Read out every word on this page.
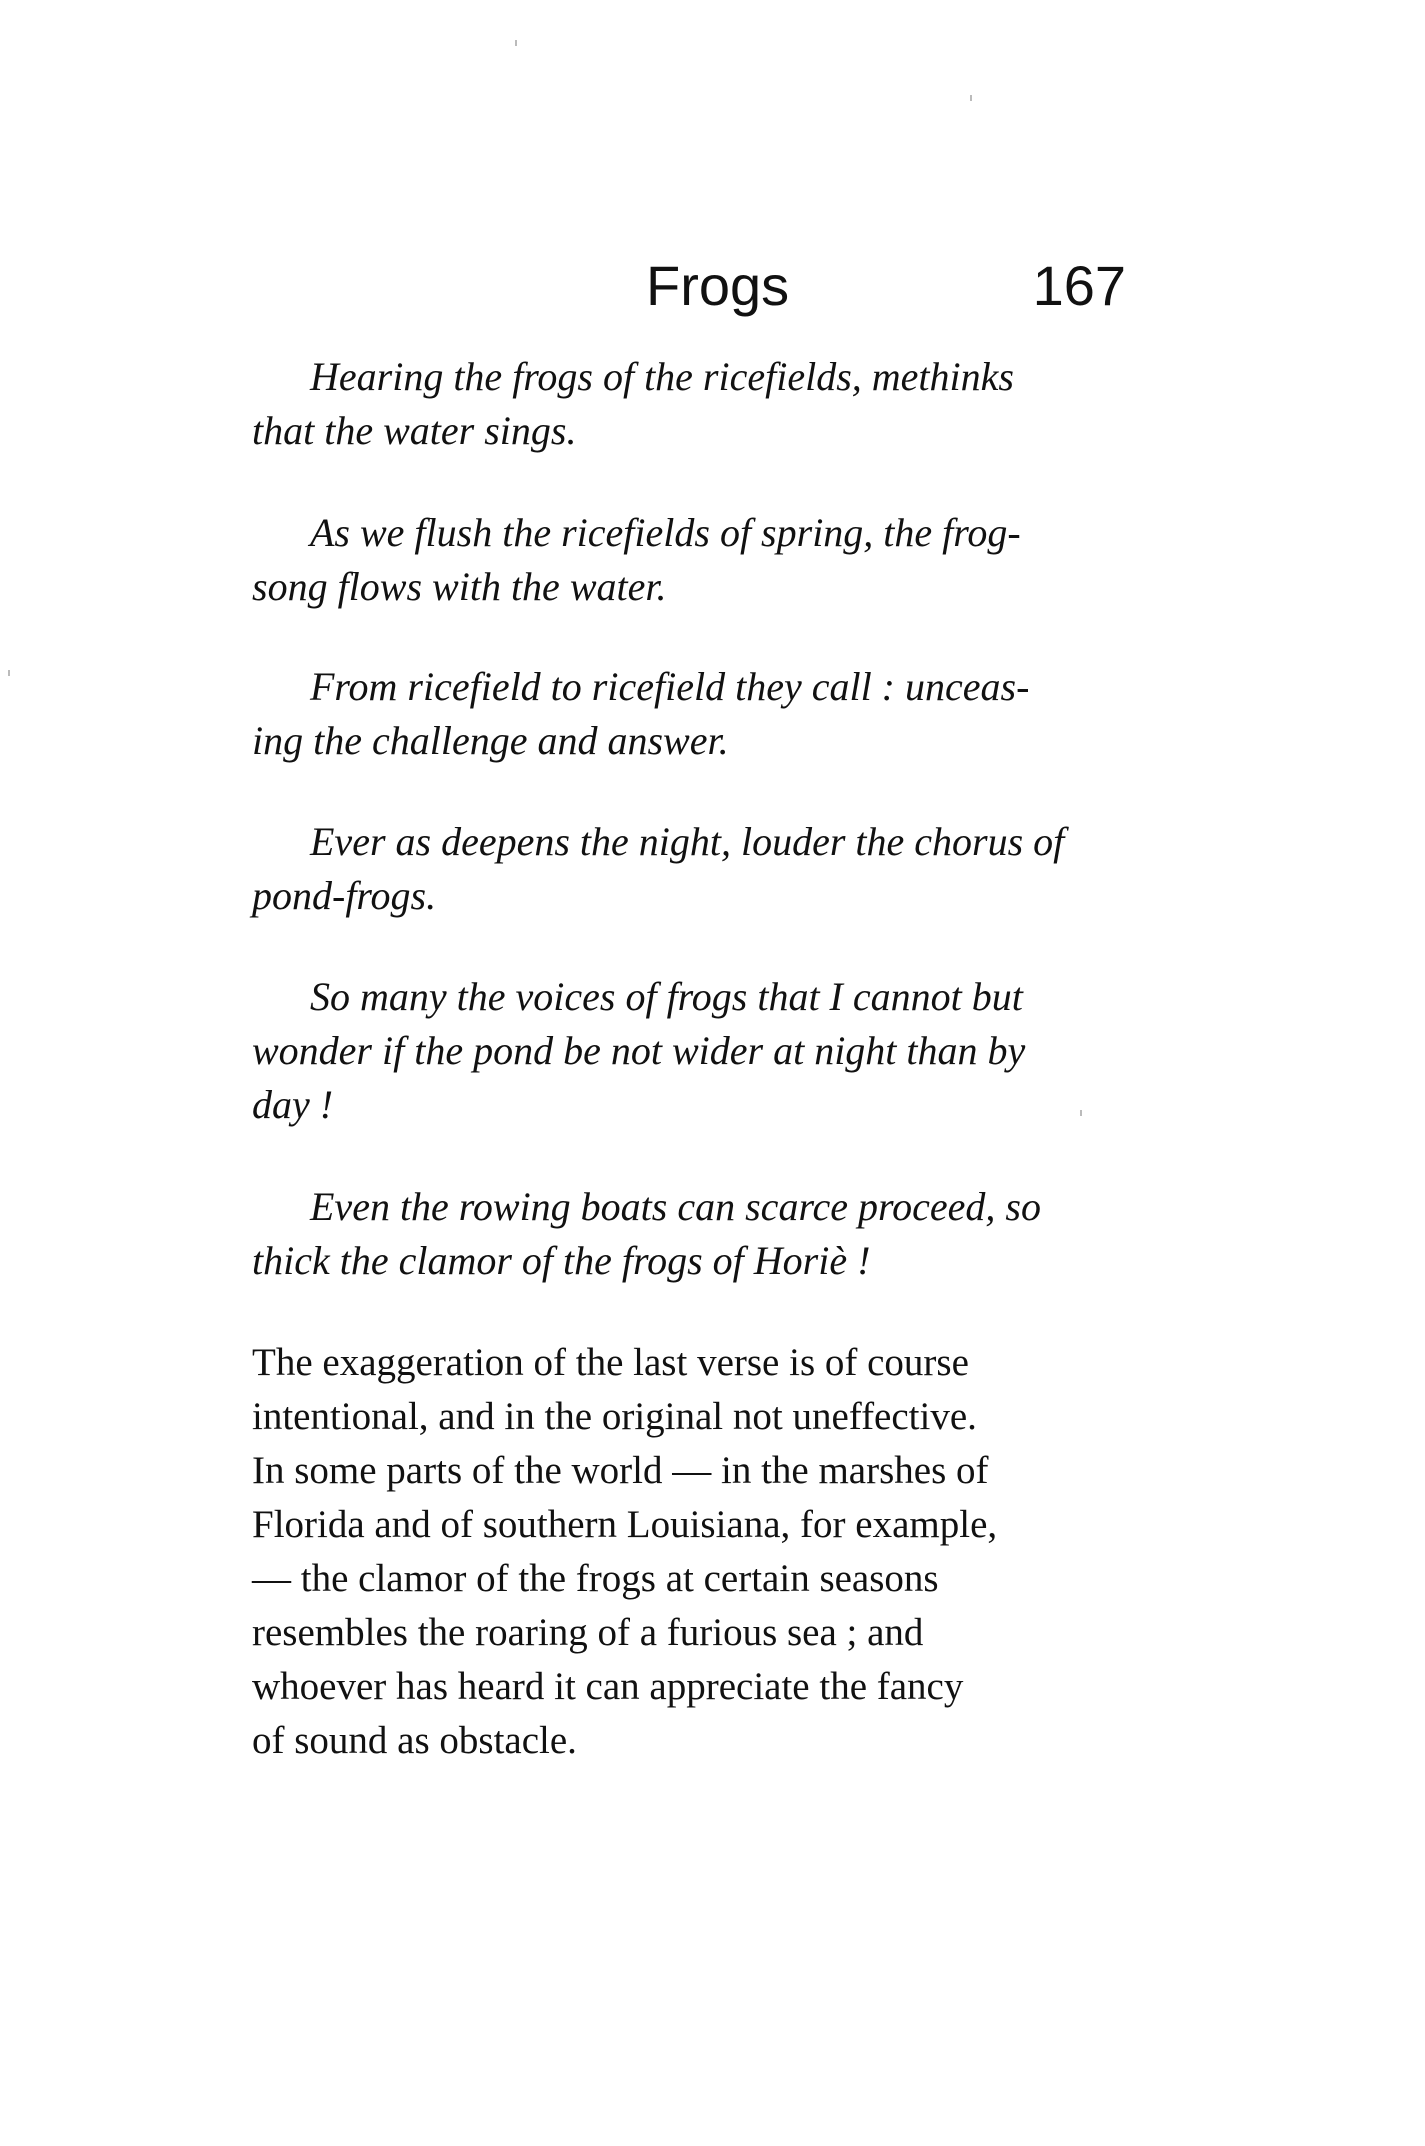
Frogs	167
Hearing the frogs of the ricefields, methinks
that the water sings.
As we flush the ricefields of spring, the frog-
song flows with the water.
From ricefield to ricefield they call : unceas-
ing the challenge and answer.
Ever as deepens the night, louder the chorus of
pond-frogs.
So many the voices of frogs that I cannot but
wonder if the pond be not wider at night than by
day !
Even the rowing boats can scarce proceed, so
thick the clamor of the frogs of Horiè !
The exaggeration of the last verse is of course
intentional, and in the original not uneffective.
In some parts of the world — in the marshes of
Florida and of southern Louisiana, for example,
— the clamor of the frogs at certain seasons
resembles the roaring of a furious sea ; and
whoever has heard it can appreciate the fancy
of sound as obstacle.
